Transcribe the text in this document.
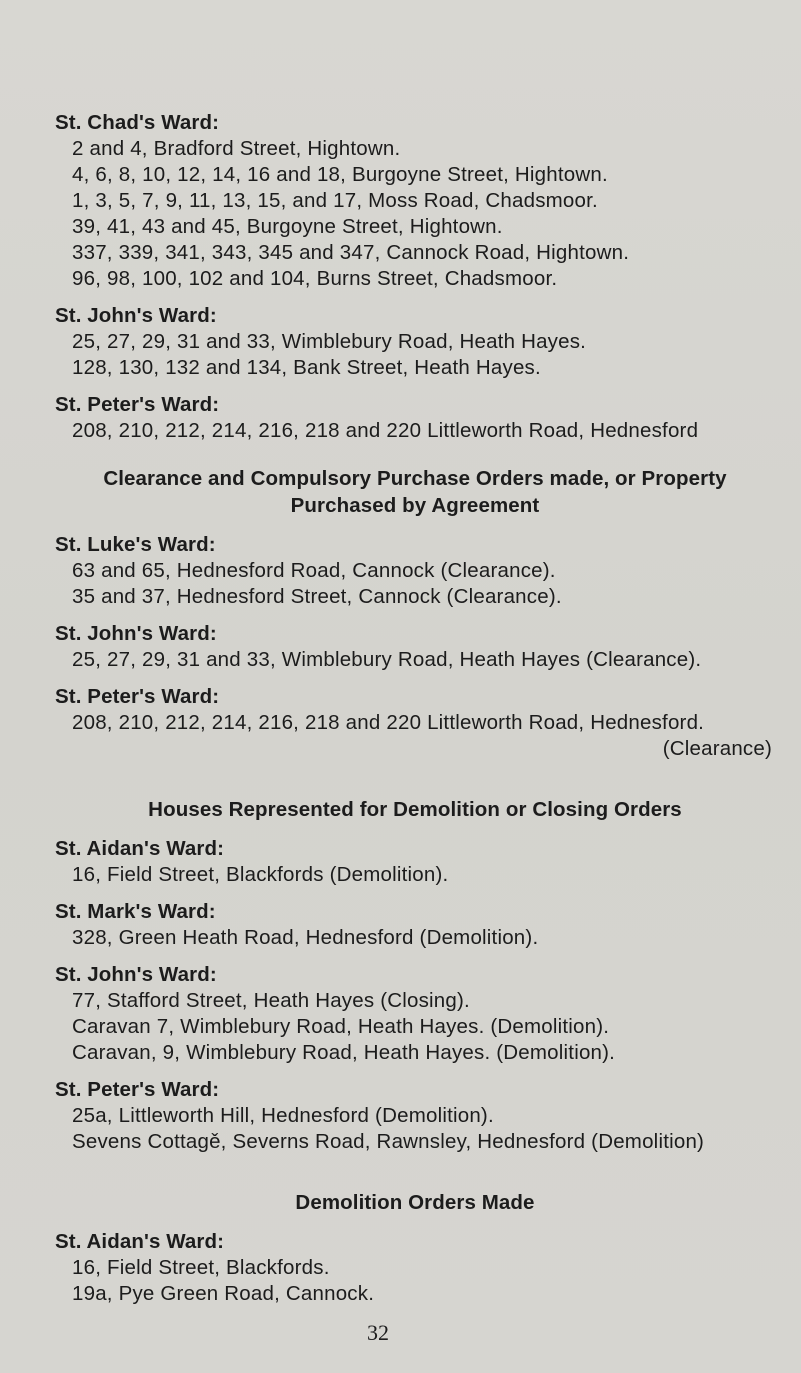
St. Chad's Ward:

2 and 4, Bradford Street, Hightown.

4, 6, 8, 10, 12, 14, 16 and 18, Burgoyne Street, Hightown.

1, 3, 5, 7, 9, 11, 13, 15, and 17, Moss Road, Chadsmoor.

39, 41, 43 and 45, Burgoyne Street, Hightown.

337, 339, 341, 343, 345 and 347, Cannock Road, Hightown.

96, 98, 100, 102 and 104, Burns Street, Chadsmoor.

St. John's Ward:

25, 27, 29, 31 and 33, Wimblebury Road, Heath Hayes.

128, 130, 132 and 134, Bank Street, Heath Hayes.

St. Peter's Ward:

208, 210, 212, 214, 216, 218 and 220 Littleworth Road, Hednesford

Clearance and Compulsory Purchase Orders made, or Property

Purchased by Agreement

St. Luke's Ward:

63 and 65, Hednesford Road, Cannock (Clearance).

35 and 37, Hednesford Street, Cannock (Clearance).

St. John's Ward:

25, 27, 29, 31 and 33, Wimblebury Road, Heath Hayes (Clearance).

St. Peter's Ward:

208, 210, 212, 214, 216, 218 and 220 Littleworth Road, Hednesford.

(Clearance)

Houses Represented for Demolition or Closing Orders

St. Aidan's Ward:

16, Field Street, Blackfords (Demolition).

St. Mark's Ward:

328, Green Heath Road, Hednesford (Demolition).

St. John's Ward:

77, Stafford Street, Heath Hayes (Closing).

Caravan 7, Wimblebury Road, Heath Hayes. (Demolition).

Caravan, 9, Wimblebury Road, Heath Hayes. (Demolition).

St. Peter's Ward:

25a, Littleworth Hill, Hednesford (Demolition).

Sevens Cottagě, Severns Road, Rawnsley, Hednesford (Demolition)

Demolition Orders Made

St. Aidan's Ward:

16, Field Street, Blackfords.

19a, Pye Green Road, Cannock.

32
